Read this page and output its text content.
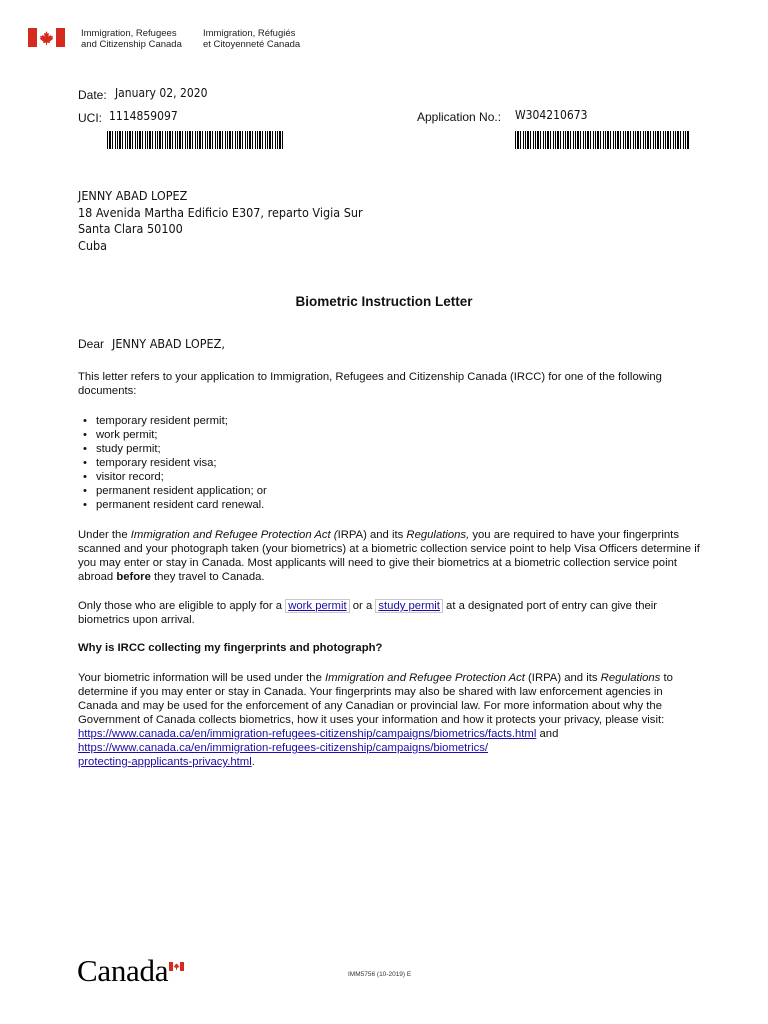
Immigration, Refugees
and Citizenship Canada
Immigration, Réfugiés
et Citoyenneté Canada
Date: January 02, 2020
UCI: 1114859097	Application No.: W304210673
JENNY ABAD LOPEZ
18 Avenida Martha Edificio E307, reparto Vigia Sur
Santa Clara 50100
Cuba
Biometric Instruction Letter
Dear JENNY ABAD LOPEZ,
This letter refers to your application to Immigration, Refugees and Citizenship Canada (IRCC) for one of the following documents:
• temporary resident permit;
• work permit;
• study permit;
• temporary resident visa;
• visitor record;
• permanent resident application; or
• permanent resident card renewal.
Under the Immigration and Refugee Protection Act (IRPA) and its Regulations, you are required to have your fingerprints scanned and your photograph taken (your biometrics) at a biometric collection service point to help Visa Officers determine if you may enter or stay in Canada. Most applicants will need to give their biometrics at a biometric collection service point abroad before they travel to Canada.
Only those who are eligible to apply for a work permit or a study permit at a designated port of entry can give their biometrics upon arrival.
Why is IRCC collecting my fingerprints and photograph?

Your biometric information will be used under the Immigration and Refugee Protection Act (IRPA) and its Regulations to determine if you may enter or stay in Canada. Your fingerprints may also be shared with law enforcement agencies in Canada and may be used for the enforcement of any Canadian or provincial law. For more information about why the Government of Canada collects biometrics, how it uses your information and how it protects your privacy, please visit:

https://www.canada.ca/en/immigration-refugees-citizenship/campaigns/biometrics/facts.html and

https://www.canada.ca/en/immigration-refugees-citizenship/campaigns/biometrics/

protecting-appplicants-privacy.html.

Canada	IMM5756 (10-2019) E
